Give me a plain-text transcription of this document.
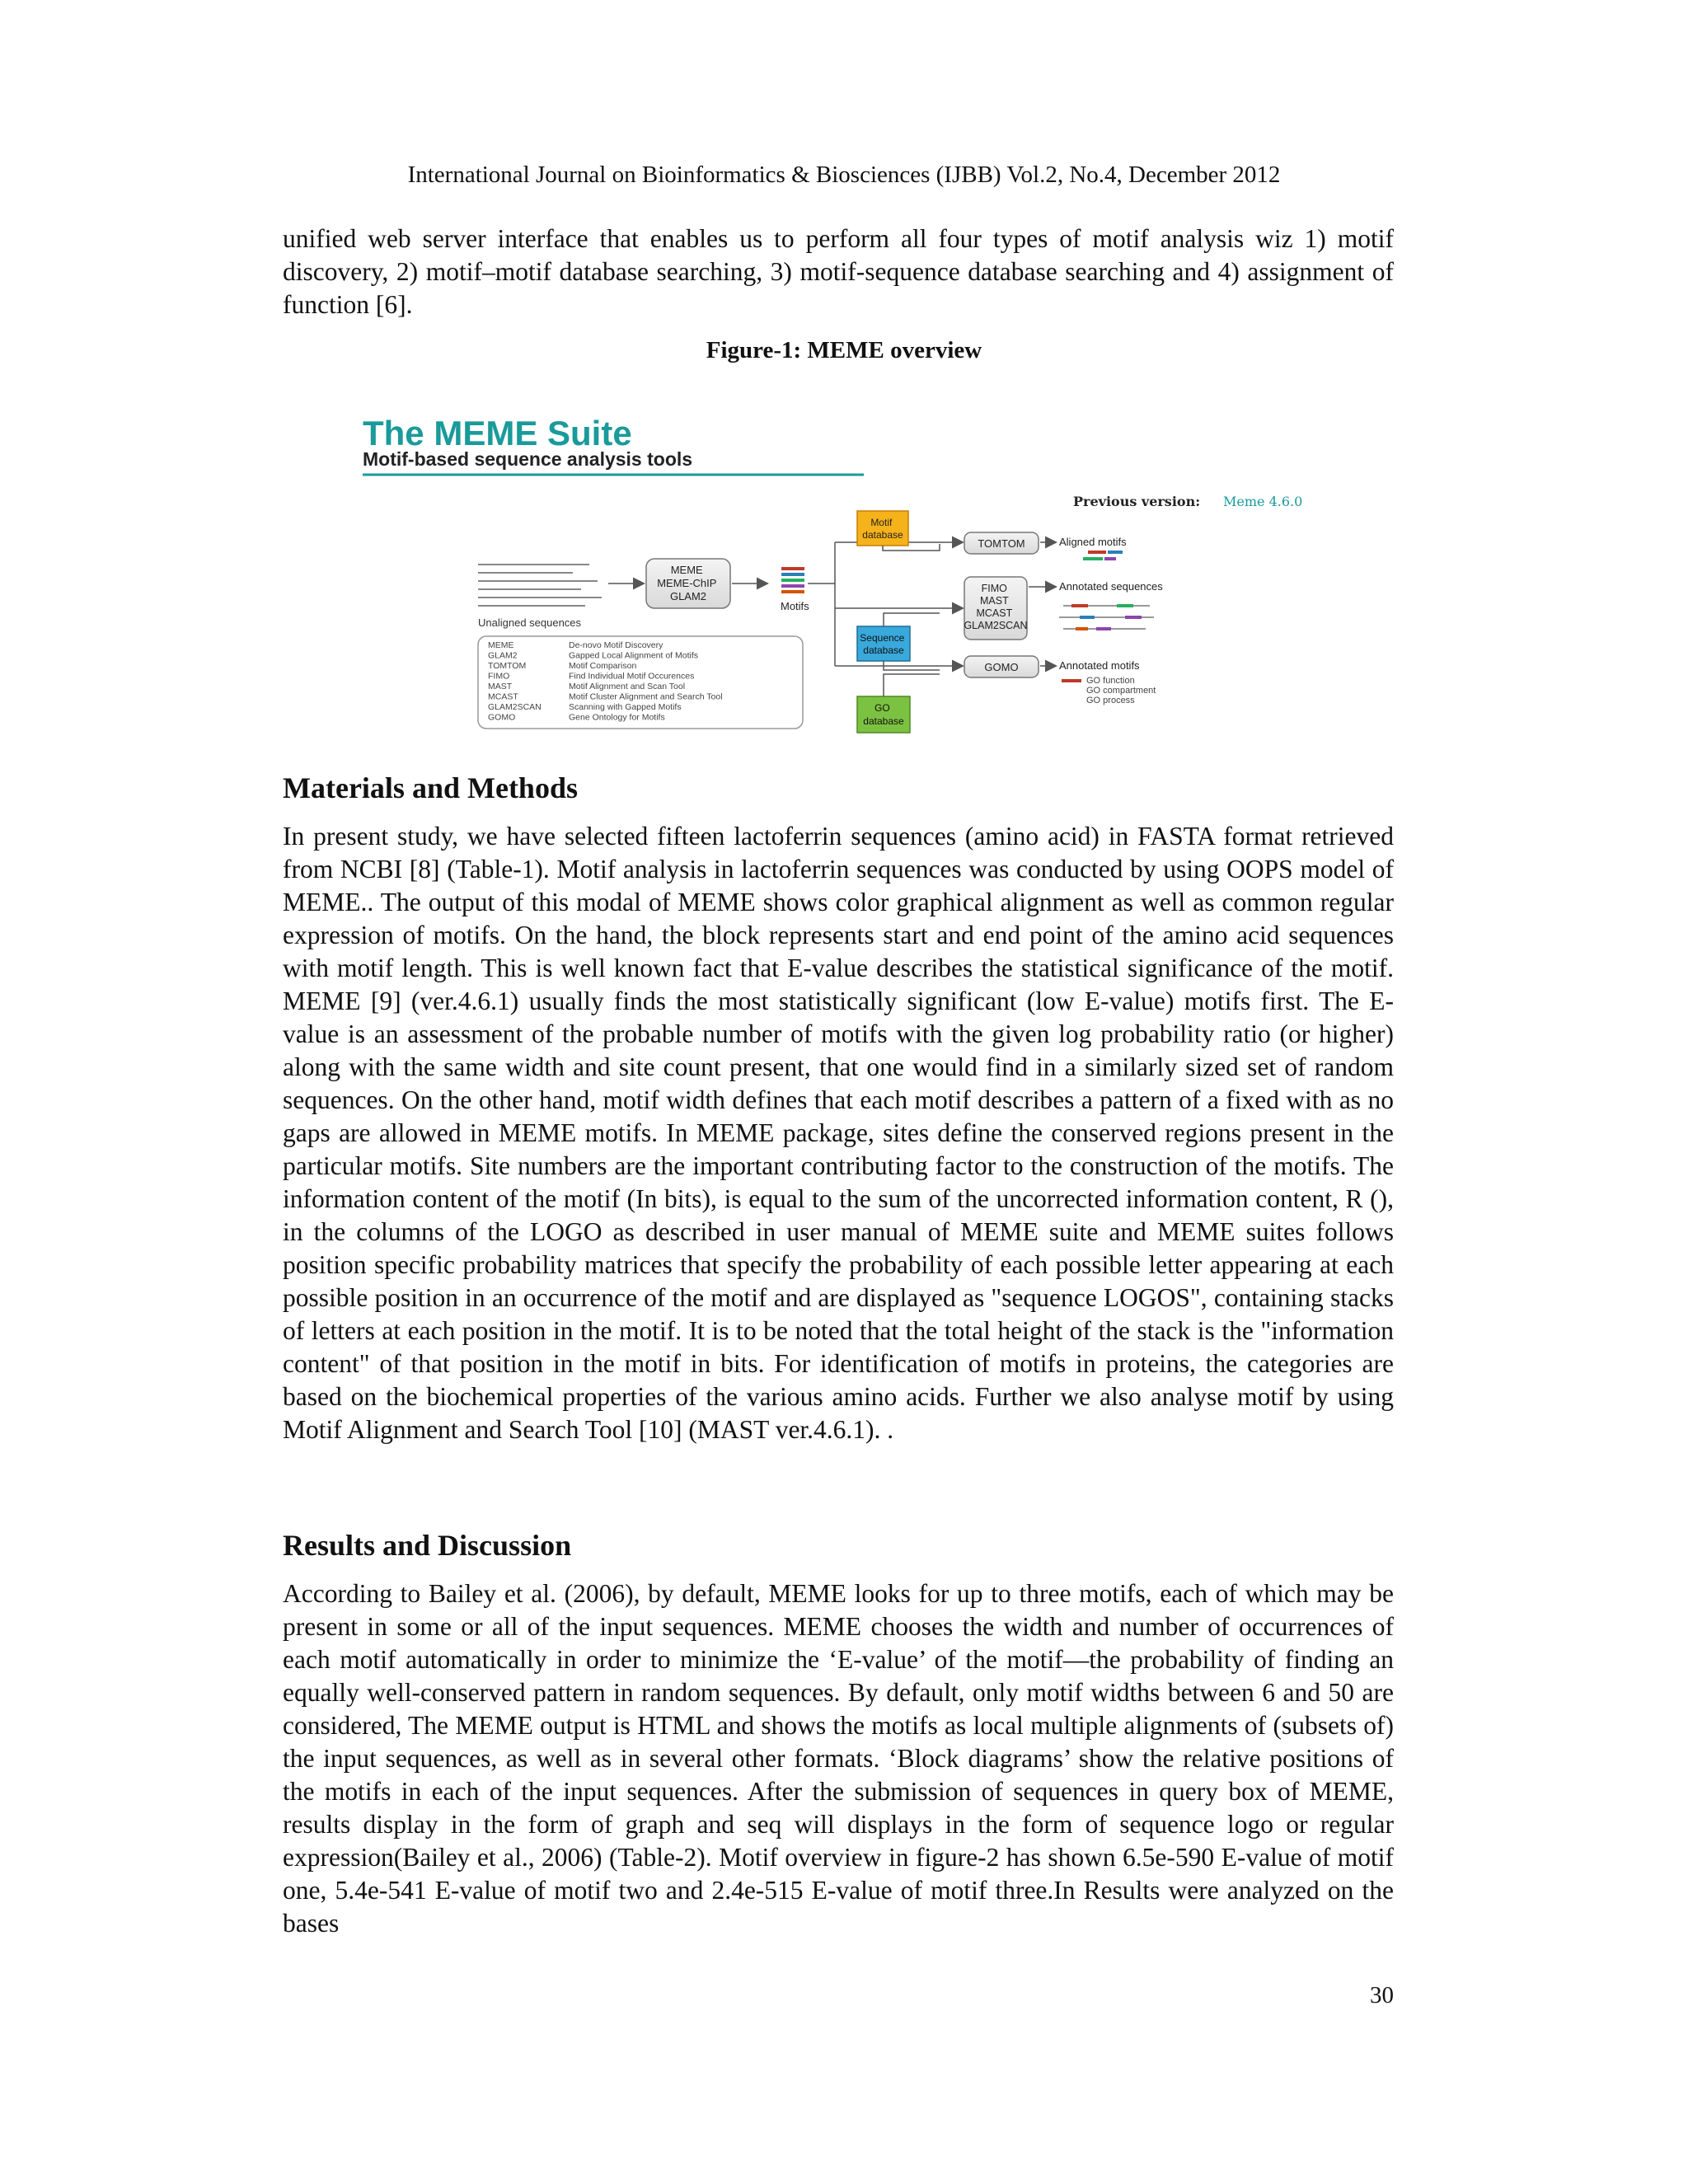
International Journal on Bioinformatics & Biosciences (IJBB) Vol.2, No.4, December 2012

unified web server interface that enables us to perform all four types of motif analysis wiz 1) motif discovery, 2) motif–motif database searching, 3) motif-sequence database searching and 4) assignment of function [6].

Figure-1: MEME overview
The MEME Suite
Motif-based sequence analysis tools
Previous version: Meme 4.6.0
Unaligned sequences
MEME MEME-ChIP GLAM2
Motifs
Motif database
Sequence database
GO database
TOMTOM	Aligned motifs
FIMO MAST MCAST GLAM2SCAN
Annotated sequences
GOMO	Annotated motifs
GO function GO compartment GO process
MEME	De-novo Motif Discovery
GLAM2	Gapped Local Alignment of Motifs
TOMTOM	Motif Comparison
FIMO	Find Individual Motif Occurences
MAST	Motif Alignment and Scan Tool
MCAST	Motif Cluster Alignment and Search Tool
GLAM2SCAN	Scanning with Gapped Motifs
GOMO	Gene Ontology for Motifs
Materials and Methods

In present study, we have selected fifteen lactoferrin sequences (amino acid) in FASTA format retrieved from NCBI [8] (Table-1). Motif analysis in lactoferrin sequences was conducted by using OOPS model of MEME.. The output of this modal of MEME shows color graphical alignment as well as common regular expression of motifs. On the hand, the block represents start and end point of the amino acid sequences with motif length. This is well known fact that E-value describes the statistical significance of the motif. MEME [9] (ver.4.6.1) usually finds the most statistically significant (low E-value) motifs first. The E-value is an assessment of the probable number of motifs with the given log probability ratio (or higher) along with the same width and site count present, that one would find in a similarly sized set of random sequences. On the other hand, motif width defines that each motif describes a pattern of a fixed with as no gaps are allowed in MEME motifs. In MEME package, sites define the conserved regions present in the particular motifs. Site numbers are the important contributing factor to the construction of the motifs. The information content of the motif (In bits), is equal to the sum of the uncorrected information content, R (), in the columns of the LOGO as described in user manual of MEME suite and MEME suites follows position specific probability matrices that specify the probability of each possible letter appearing at each possible position in an occurrence of the motif and are displayed as "sequence LOGOS", containing stacks of letters at each position in the motif. It is to be noted that the total height of the stack is the "information content" of that position in the motif in bits. For identification of motifs in proteins, the categories are based on the biochemical properties of the various amino acids. Further we also analyse motif by using Motif Alignment and Search Tool [10] (MAST ver.4.6.1). .

Results and Discussion

According to Bailey et al. (2006), by default, MEME looks for up to three motifs, each of which may be present in some or all of the input sequences. MEME chooses the width and number of occurrences of each motif automatically in order to minimize the ‘E-value’ of the motif—the probability of finding an equally well-conserved pattern in random sequences. By default, only motif widths between 6 and 50 are considered, The MEME output is HTML and shows the motifs as local multiple alignments of (subsets of) the input sequences, as well as in several other formats. ‘Block diagrams’ show the relative positions of the motifs in each of the input sequences. After the submission of sequences in query box of MEME, results display in the form of graph and seq will displays in the form of sequence logo or regular expression(Bailey et al., 2006) (Table-2). Motif overview in figure-2 has shown 6.5e-590 E-value of motif one, 5.4e-541 E-value of motif two and 2.4e-515 E-value of motif three.In Results were analyzed on the bases

30
